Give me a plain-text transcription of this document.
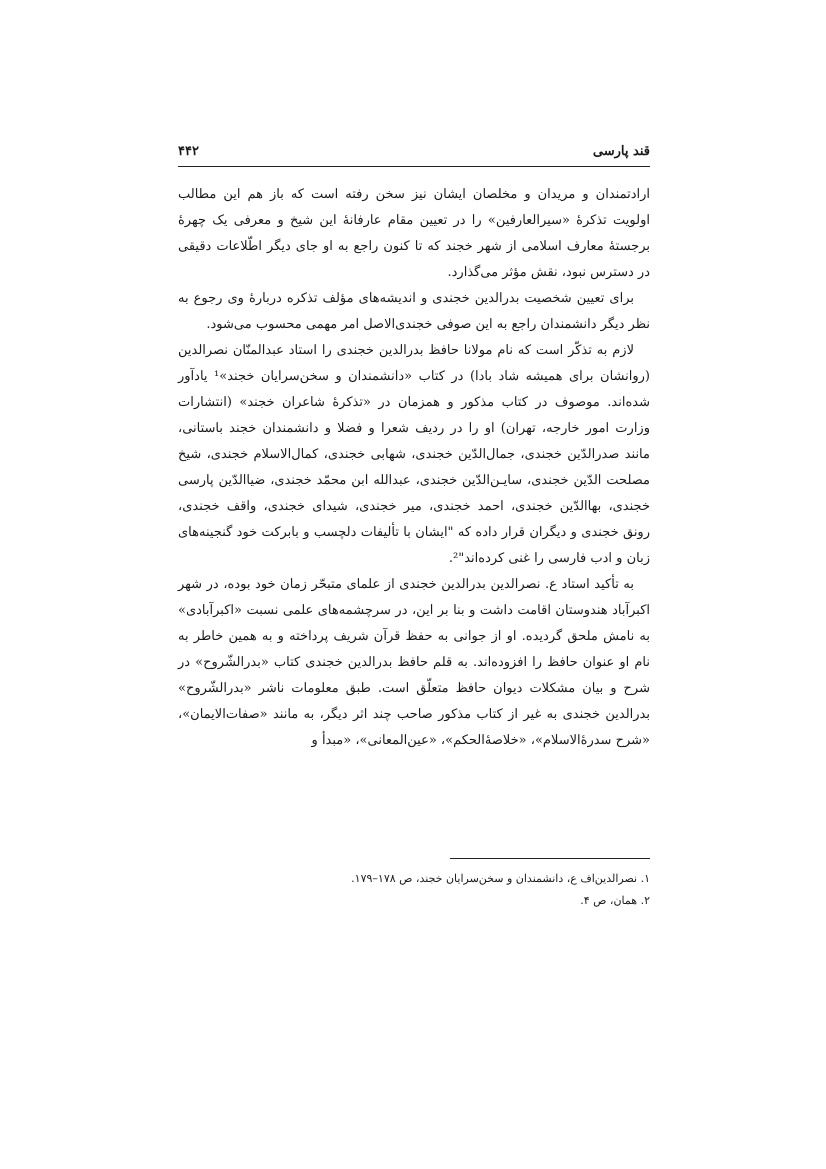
قند پارسی
۴۴۲

ارادتمندان و مریدان و مخلصان ایشان نیز سخن رفته است که باز هم این مطالب اولویت تذکرۀ «سیرالعارفین» را در تعیین مقام عارفانۀ این شیخ و معرفی یک چهرۀ برجستۀ معارف اسلامی از شهر خجند که تا کنون راجع به او جای دیگر اطّلاعات دقیقی در دسترس نبود، نقش مؤثر می‌گذارد.

برای تعیین شخصیت بدرالدین خجندی و اندیشه‌های مؤلف تذکره دربارۀ وی رجوع به نظر دیگر دانشمندان راجع به این صوفی خجندی‌الاصل امر مهمی محسوب می‌شود.

لازم به تذکّر است که نام مولانا حافظ بدرالدین خجندی را استاد عبدالمنّان نصرالدین (روانشان برای همیشه شاد بادا) در کتاب «دانشمندان و سخن‌سرایان خجند»¹ یادآور شده‌اند. موصوف در کتاب مذکور و همزمان در «تذکرۀ شاعران خجند» (انتشارات وزارت امور خارجه، تهران) او را در ردیف شعرا و فضلا و دانشمندان خجند باستانی، مانند صدرالدّین خجندی، جمال‌الدّین خجندی، شهابی خجندی، کمال‌الاسلام خجندی، شیخ مصلحت الدّین خجندی، سایـن‌الدّین خجندی، عبدالله ابن محمّد خجندی، ضیاالدّین پارسی خجندی، بهاالدّین خجندی، احمد خجندی، میر خجندی، شیدای خجندی، واقف خجندی، رونق خجندی و دیگران قرار داده که "ایشان با تألیفات دلچسب و بابرکت خود گنجینه‌های زبان و ادب فارسی را غنی کرده‌اند"².

به تأکید استاد ع. نصرالدین بدرالدین خجندی از علمای متبحّر زمان خود بوده، در شهر اکبرآباد هندوستان اقامت داشت و بنا بر این، در سرچشمه‌های علمی نسبت «اکبرآبادی» به نامش ملحق گردیده. او از جوانی به حفظ قرآن شریف پرداخته و به همین خاطر به نام او عنوان حافظ را افزوده‌اند. به قلم حافظ بدرالدین خجندی کتاب «بدرالشّروح» در شرح و بیان مشکلات دیوان حافظ متعلّق است. طبق معلومات ناشر «بدرالشّروح» بدرالدین خجندی به غیر از کتاب مذکور صاحب چند اثر دیگر، به مانند «صفات‌الایمان»، «شرح سدرۀالاسلام»، «خلاصۀالحکم»، «عین‌المعانی»، «مبدأ و

۱. نصرالدین‌اف ع، دانشمندان و سخن‌سرایان خجند، ص ۱۷۸–۱۷۹.

۲. همان، ص ۴.
